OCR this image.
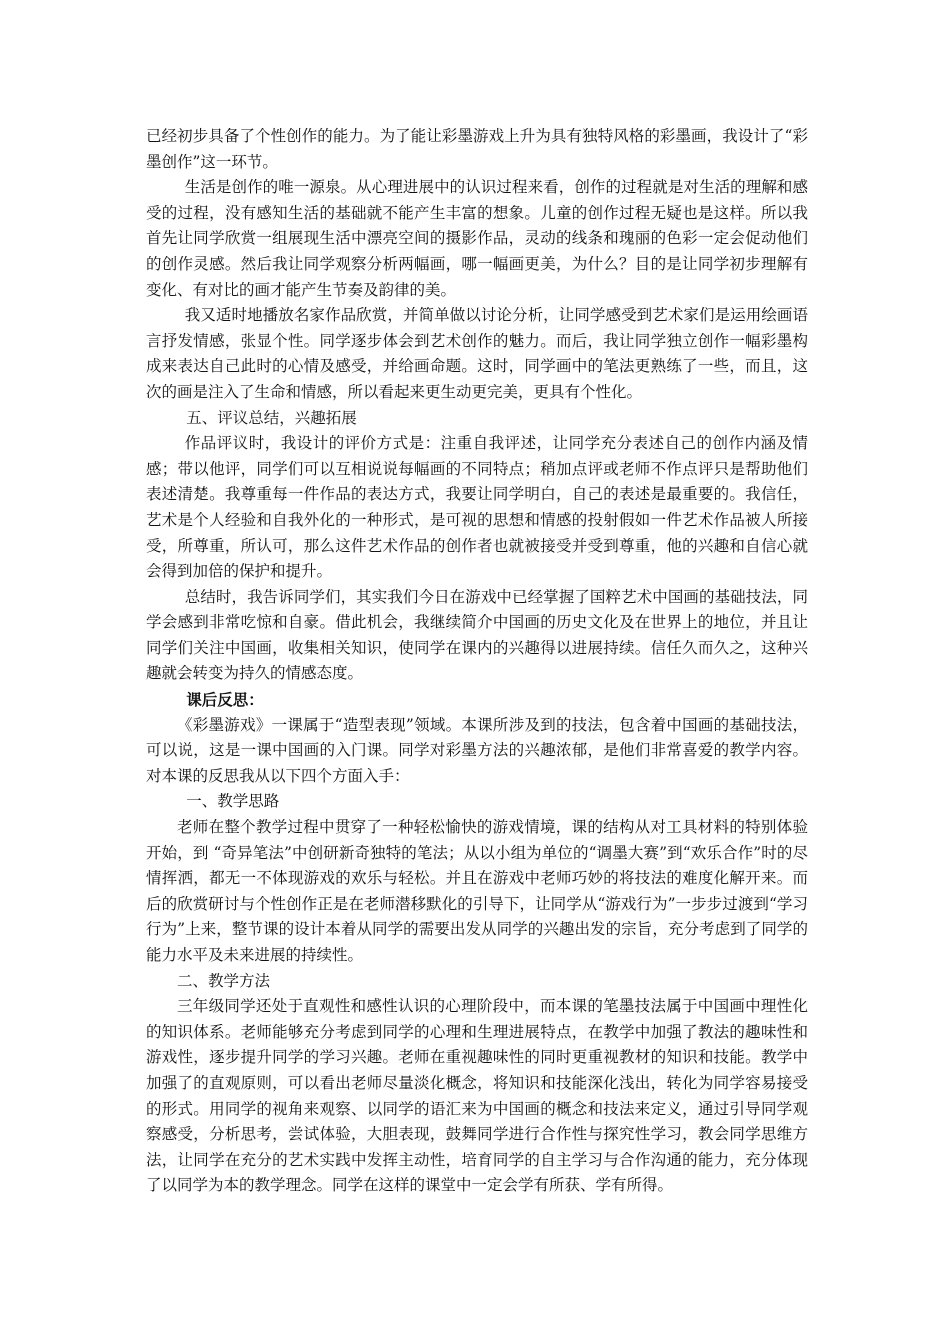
已经初步具备了个性创作的能力。为了能让彩墨游戏上升为具有独特风格的彩墨画，我设计了“彩墨创作”这一环节。

生活是创作的唯一源泉。从心理进展中的认识过程来看，创作的过程就是对生活的理解和感受的过程，没有感知生活的基础就不能产生丰富的想象。儿童的创作过程无疑也是这样。所以我首先让同学欣赏一组展现生活中漂亮空间的摄影作品，灵动的线条和瑰丽的色彩一定会促动他们的创作灵感。然后我让同学观察分析两幅画，哪一幅画更美，为什么？目的是让同学初步理解有变化、有对比的画才能产生节奏及韵律的美。

我又适时地播放名家作品欣赏，并简单做以讨论分析，让同学感受到艺术家们是运用绘画语言抒发情感，张显个性。同学逐步体会到艺术创作的魅力。而后，我让同学独立创作一幅彩墨构成来表达自己此时的心情及感受，并给画命题。这时，同学画中的笔法更熟练了一些，而且，这次的画是注入了生命和情感，所以看起来更生动更完美，更具有个性化。

五、评议总结，兴趣拓展

作品评议时，我设计的评价方式是：注重自我评述，让同学充分表述自己的创作内涵及情感；带以他评，同学们可以互相说说每幅画的不同特点；稍加点评或老师不作点评只是帮助他们表述清楚。我尊重每一件作品的表达方式，我要让同学明白，自己的表述是最重要的。我信任，艺术是个人经验和自我外化的一种形式，是可视的思想和情感的投射假如一件艺术作品被人所接受，所尊重，所认可，那么这件艺术作品的创作者也就被接受并受到尊重，他的兴趣和自信心就会得到加倍的保护和提升。

总结时，我告诉同学们，其实我们今日在游戏中已经掌握了国粹艺术中国画的基础技法，同学会感到非常吃惊和自豪。借此机会，我继续简介中国画的历史文化及在世界上的地位，并且让同学们关注中国画，收集相关知识，使同学在课内的兴趣得以进展持续。信任久而久之，这种兴趣就会转变为持久的情感态度。

课后反思：

《彩墨游戏》一课属于“造型表现”领域。本课所涉及到的技法，包含着中国画的基础技法，可以说，这是一课中国画的入门课。同学对彩墨方法的兴趣浓郁，是他们非常喜爱的教学内容。对本课的反思我从以下四个方面入手：

一、教学思路

老师在整个教学过程中贯穿了一种轻松愉快的游戏情境，课的结构从对工具材料的特别体验开始，到 “奇异笔法”中创研新奇独特的笔法；从以小组为单位的“调墨大赛”到“欢乐合作”时的尽情挥洒，都无一不体现游戏的欢乐与轻松。并且在游戏中老师巧妙的将技法的难度化解开来。而后的欣赏研讨与个性创作正是在老师潜移默化的引导下，让同学从“游戏行为”一步步过渡到“学习行为”上来，整节课的设计本着从同学的需要出发从同学的兴趣出发的宗旨，充分考虑到了同学的能力水平及未来进展的持续性。

二、教学方法

三年级同学还处于直观性和感性认识的心理阶段中，而本课的笔墨技法属于中国画中理性化的知识体系。老师能够充分考虑到同学的心理和生理进展特点，在教学中加强了教法的趣味性和游戏性，逐步提升同学的学习兴趣。老师在重视趣味性的同时更重视教材的知识和技能。教学中加强了的直观原则，可以看出老师尽量淡化概念，将知识和技能深化浅出，转化为同学容易接受的形式。用同学的视角来观察、以同学的语汇来为中国画的概念和技法来定义，通过引导同学观察感受，分析思考，尝试体验，大胆表现，鼓舞同学进行合作性与探究性学习，教会同学思维方法，让同学在充分的艺术实践中发挥主动性，培育同学的自主学习与合作沟通的能力，充分体现了以同学为本的教学理念。同学在这样的课堂中一定会学有所获、学有所得。
